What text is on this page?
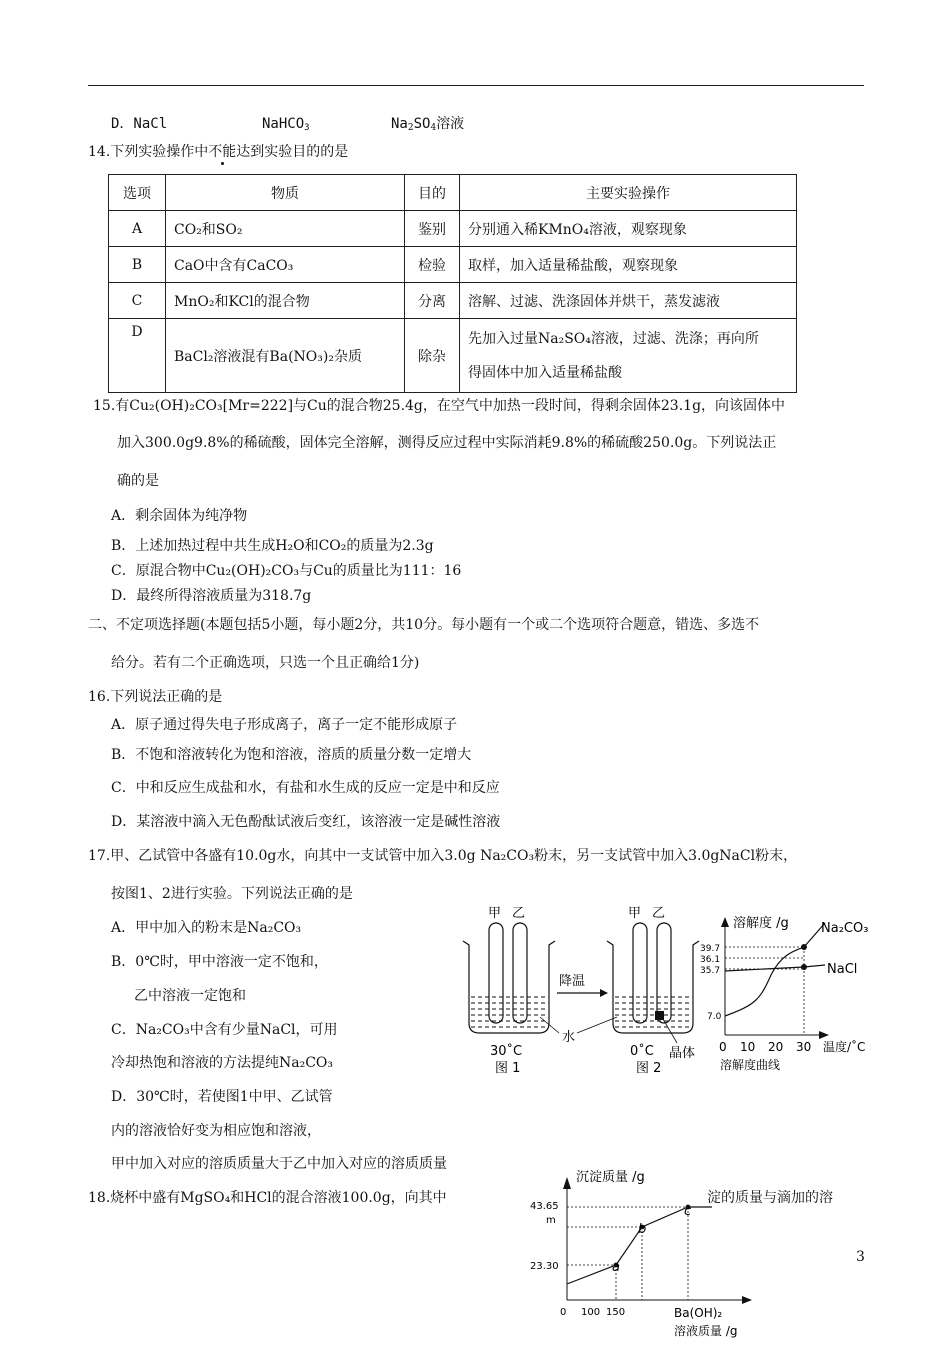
D．NaCl	NaHCO$_3$	$Na_2SO_4$溶液
14.下列实验操作中不能达到实验目的的是
选项	物质	目的	主要实验操作
A	CO₂和SO₂	鉴别	分别通入稀KMnO₄溶液，观察现象
B	CaO中含有CaCO₃	检验	取样，加入适量稀盐酸，观察现象
C	MnO₂和KCl的混合物	分离	溶解、过滤、洗涤固体并烘干，蒸发滤液
D	BaCl₂溶液混有Ba(NO₃)₂杂质	除杂	先加入过量Na₂SO₄溶液，过滤、洗涤；再向所
得固体中加入适量稀盐酸
15.有Cu₂(OH)₂CO₃[Mr=222]与Cu的混合物25.4g，在空气中加热一段时间，得剩余固体23.1g，向该固体中
加入300.0g9.8%的稀硫酸，固体完全溶解，测得反应过程中实际消耗9.8%的稀硫酸250.0g。下列说法正
确的是
A．剩余固体为纯净物
B．上述加热过程中共生成H₂O和CO₂的质量为2.3g
C．原混合物中Cu₂(OH)₂CO₃与Cu的质量比为111：16
D．最终所得溶液质量为318.7g
二、不定项选择题(本题包括5小题，每小题2分，共10分。每小题有一个或二个选项符合题意，错选、多选不
给分。若有二个正确选项，只选一个且正确给1分)
16.下列说法正确的是
A．原子通过得失电子形成离子，离子一定不能形成原子
B．不饱和溶液转化为饱和溶液，溶质的质量分数一定增大
C．中和反应生成盐和水，有盐和水生成的反应一定是中和反应
D．某溶液中滴入无色酚酞试液后变红，该溶液一定是碱性溶液
17.甲、乙试管中各盛有10.0g水，向其中一支试管中加入3.0g Na₂CO₃粉末，另一支试管中加入3.0gNaCl粉末，
按图1、2进行实验。下列说法正确的是
A．甲中加入的粉末是Na₂CO₃
B．0℃时，甲中溶液一定不饱和，
乙中溶液一定饱和
C．Na₂CO₃中含有少量NaCl，可用
冷却热饱和溶液的方法提纯Na₂CO₃
D．30℃时，若使图1中甲、乙试管
内的溶液恰好变为相应饱和溶液，
甲中加入对应的溶质质量大于乙中加入对应的溶质质量
甲 乙
30˚C
图 1
降温
甲 乙
0˚C
图 2
水
晶体
溶解度 /g Na₂CO₃
NaCl
39.7
36.1
35.7
7.0
0 10 20 30 温度/˚C
溶解度曲线
18.烧杯中盛有MgSO₄和HCl的混合溶液100.0g，向其中	淀的质量与滴加的溶
沉淀质量 /g
43.65
m
23.30
0 100 150
a
b
c
Ba(OH)₂
溶液质量 /g
3
